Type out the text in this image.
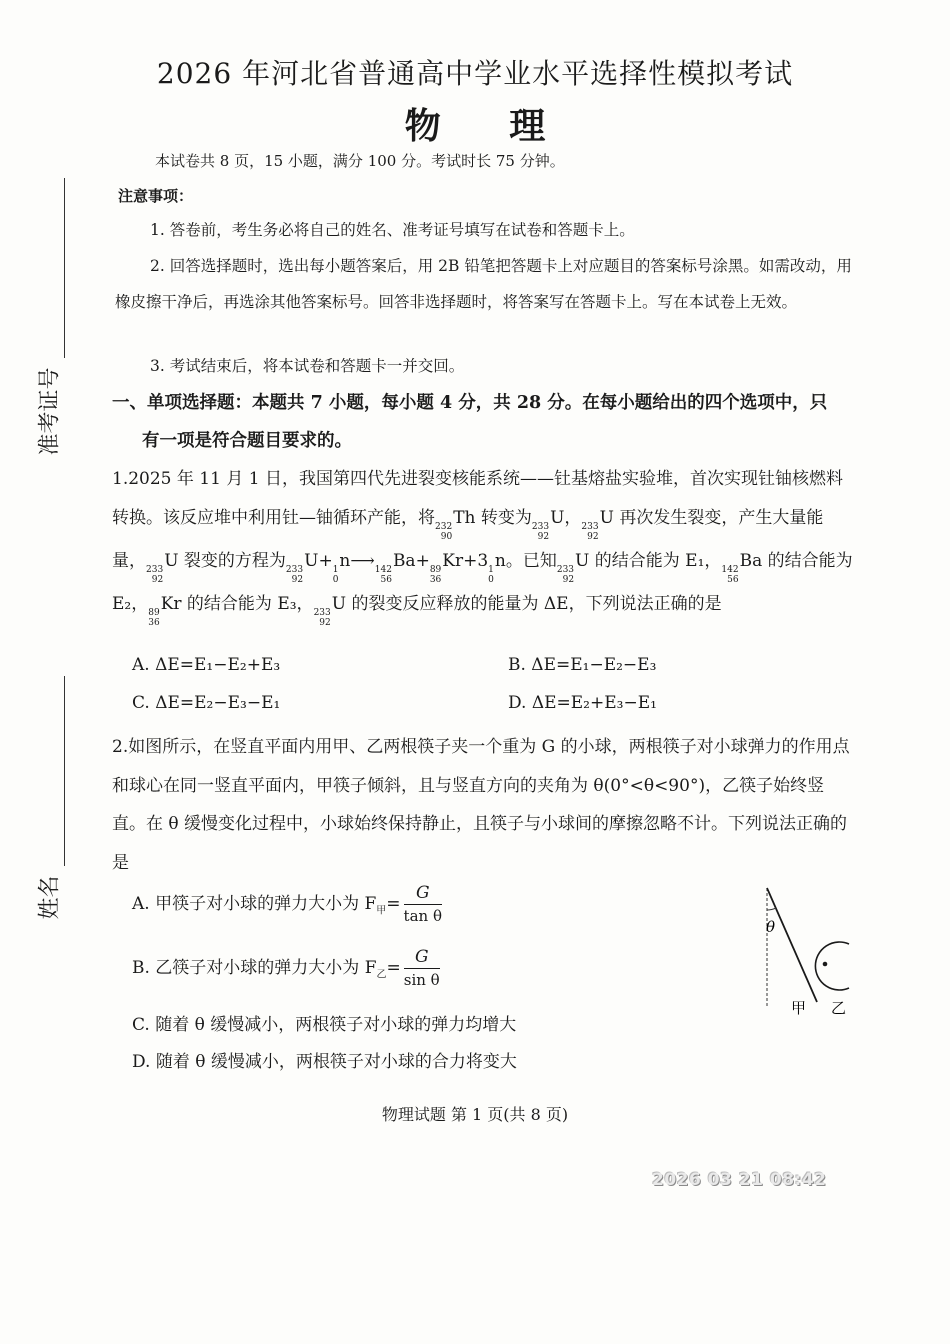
2026 年河北省普通高中学业水平选择性模拟考试
物 理
本试卷共 8 页，15 小题，满分 100 分。考试时长 75 分钟。
准考证号
姓名
注意事项：
1. 答卷前，考生务必将自己的姓名、准考证号填写在试卷和答题卡上。
2. 回答选择题时，选出每小题答案后，用 2B 铅笔把答题卡上对应题目的答案标号涂黑。如需改动，用橡皮擦干净后，再选涂其他答案标号。回答非选择题时，将答案写在答题卡上。写在本试卷上无效。
3. 考试结束后，将本试卷和答题卡一并交回。
一、单项选择题：本题共 7 小题，每小题 4 分，共 28 分。在每小题给出的四个选项中，只
有一项是符合题目要求的。
1.2025 年 11 月 1 日，我国第四代先进裂变核能系统——钍基熔盐实验堆，首次实现钍铀核燃料转换。该反应堆中利用钍—铀循环产能，将 232
90
Th 转变为 233
92
U， 233
92
U 再次发生裂变，产生大量能量， 233
92
U 裂变的方程为 233
92
U+ 1
0
n⟶ 142
56
Ba+ 89
36
Kr+3 1
0
n。已知 233
92
U 的结合能为 E₁， 142
56
Ba 的结合能为 E₂， 89
36
Kr 的结合能为 E₃， 233
92
U 的裂变反应释放的能量为 ΔE，下列说法正确的是
A. ΔE=E₁−E₂+E₃	B. ΔE=E₁−E₂−E₃
C. ΔE=E₂−E₃−E₁	D. ΔE=E₂+E₃−E₁
2.如图所示，在竖直平面内用甲、乙两根筷子夹一个重为 G 的小球，两根筷子对小球弹力的作用点和球心在同一竖直平面内，甲筷子倾斜，且与竖直方向的夹角为 θ(0°<θ<90°)，乙筷子始终竖直。在 θ 缓慢变化过程中，小球始终保持静止，且筷子与小球间的摩擦忽略不计。下列说法正确的是
A. 甲筷子对小球的弹力大小为 $F_甲= \frac{G}{\text{tan θ}}$
B. 乙筷子对小球的弹力大小为 $F_乙= \frac{G}{\text{sin θ}}$
C. 随着 θ 缓慢减小，两根筷子对小球的弹力均增大
D. 随着 θ 缓慢减小，两根筷子对小球的合力将变大
θ
甲 乙
物理试题 第 1 页(共 8 页)
2026 03 21 08:42
